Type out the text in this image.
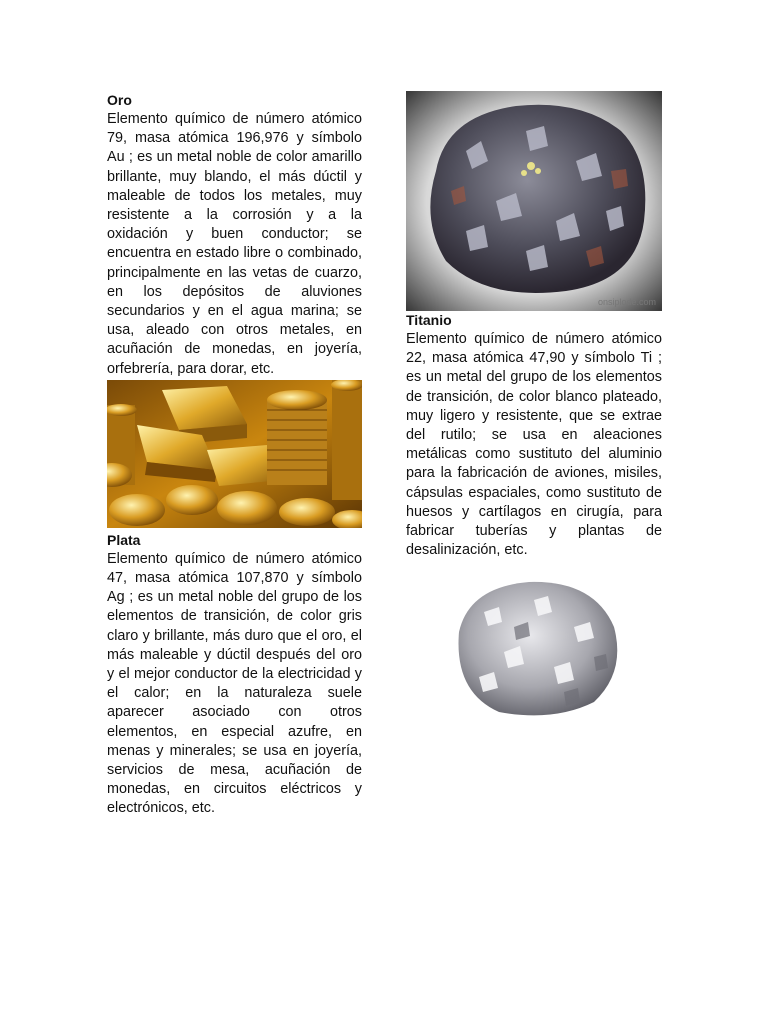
Oro

Elemento químico de número atómico 79, masa atómica 196,976 y símbolo Au ; es un metal noble de color amarillo brillante, muy blando, el más dúctil y maleable de todos los metales, muy resistente a la corrosión y a la oxidación y buen conductor; se encuentra en estado libre o combinado, principalmente en las vetas de cuarzo, en los depósitos de aluviones secundarios y en el agua marina; se usa, aleado con otros metales, en acuñación de monedas, en joyería, orfebrería, para dorar, etc.

Plata

Elemento químico de número atómico 47, masa atómica 107,870 y símbolo Ag ; es un metal noble del grupo de los elementos de transición, de color gris claro y brillante, más duro que el oro, el más maleable y dúctil después del oro y el mejor conductor de la electricidad y el calor; en la naturaleza suele aparecer asociado con otros elementos, en especial azufre, en menas y minerales; se usa en joyería, servicios de mesa, acuñación de monedas, en circuitos eléctricos y electrónicos, etc.

onsiplode.com
Titanio

Elemento químico de número atómico 22, masa atómica 47,90 y símbolo Ti ; es un metal del grupo de los elementos de transición, de color blanco plateado, muy ligero y resistente, que se extrae del rutilo; se usa en aleaciones metálicas como sustituto del aluminio para la fabricación de aviones, misiles, cápsulas espaciales, como sustituto de huesos y cartílagos en cirugía, para fabricar tuberías y plantas de desalinización, etc.
